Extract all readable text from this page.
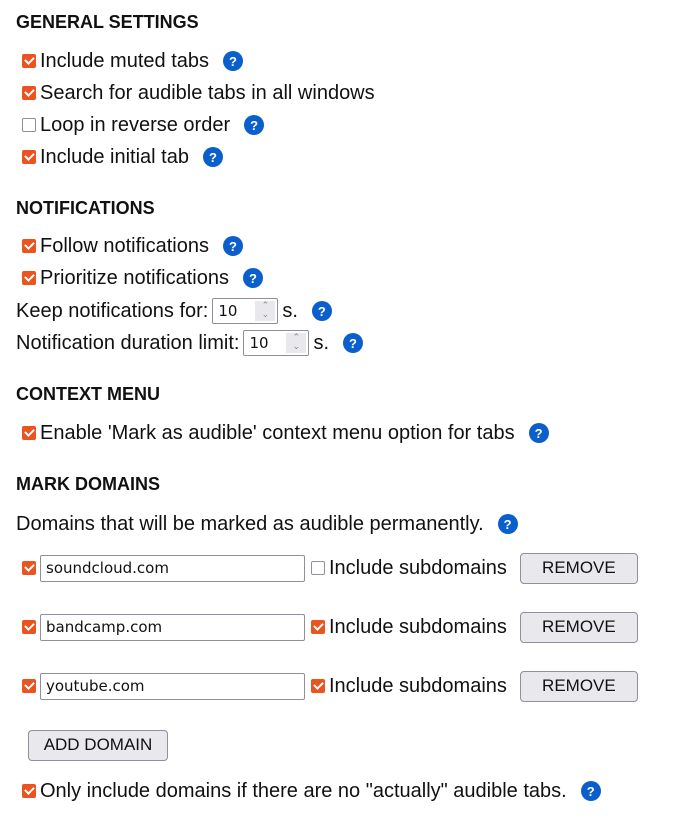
GENERAL SETTINGS
Include muted tabs	?
Search for audible tabs in all windows
Loop in reverse order	?
Include initial tab	?
NOTIFICATIONS
Follow notifications	?
Prioritize notifications	?
Keep notifications for: 10	⌃
⌄ s.	?
Notification duration limit: 10	⌃
⌄ s.	?
CONTEXT MENU
Enable 'Mark as audible' context menu option for tabs	?
MARK DOMAINS
Domains that will be marked as audible permanently.	?
soundcloud.com	Include subdomains	REMOVE
bandcamp.com	Include subdomains	REMOVE
youtube.com	Include subdomains	REMOVE
ADD DOMAIN
Only include domains if there are no "actually" audible tabs.	?
